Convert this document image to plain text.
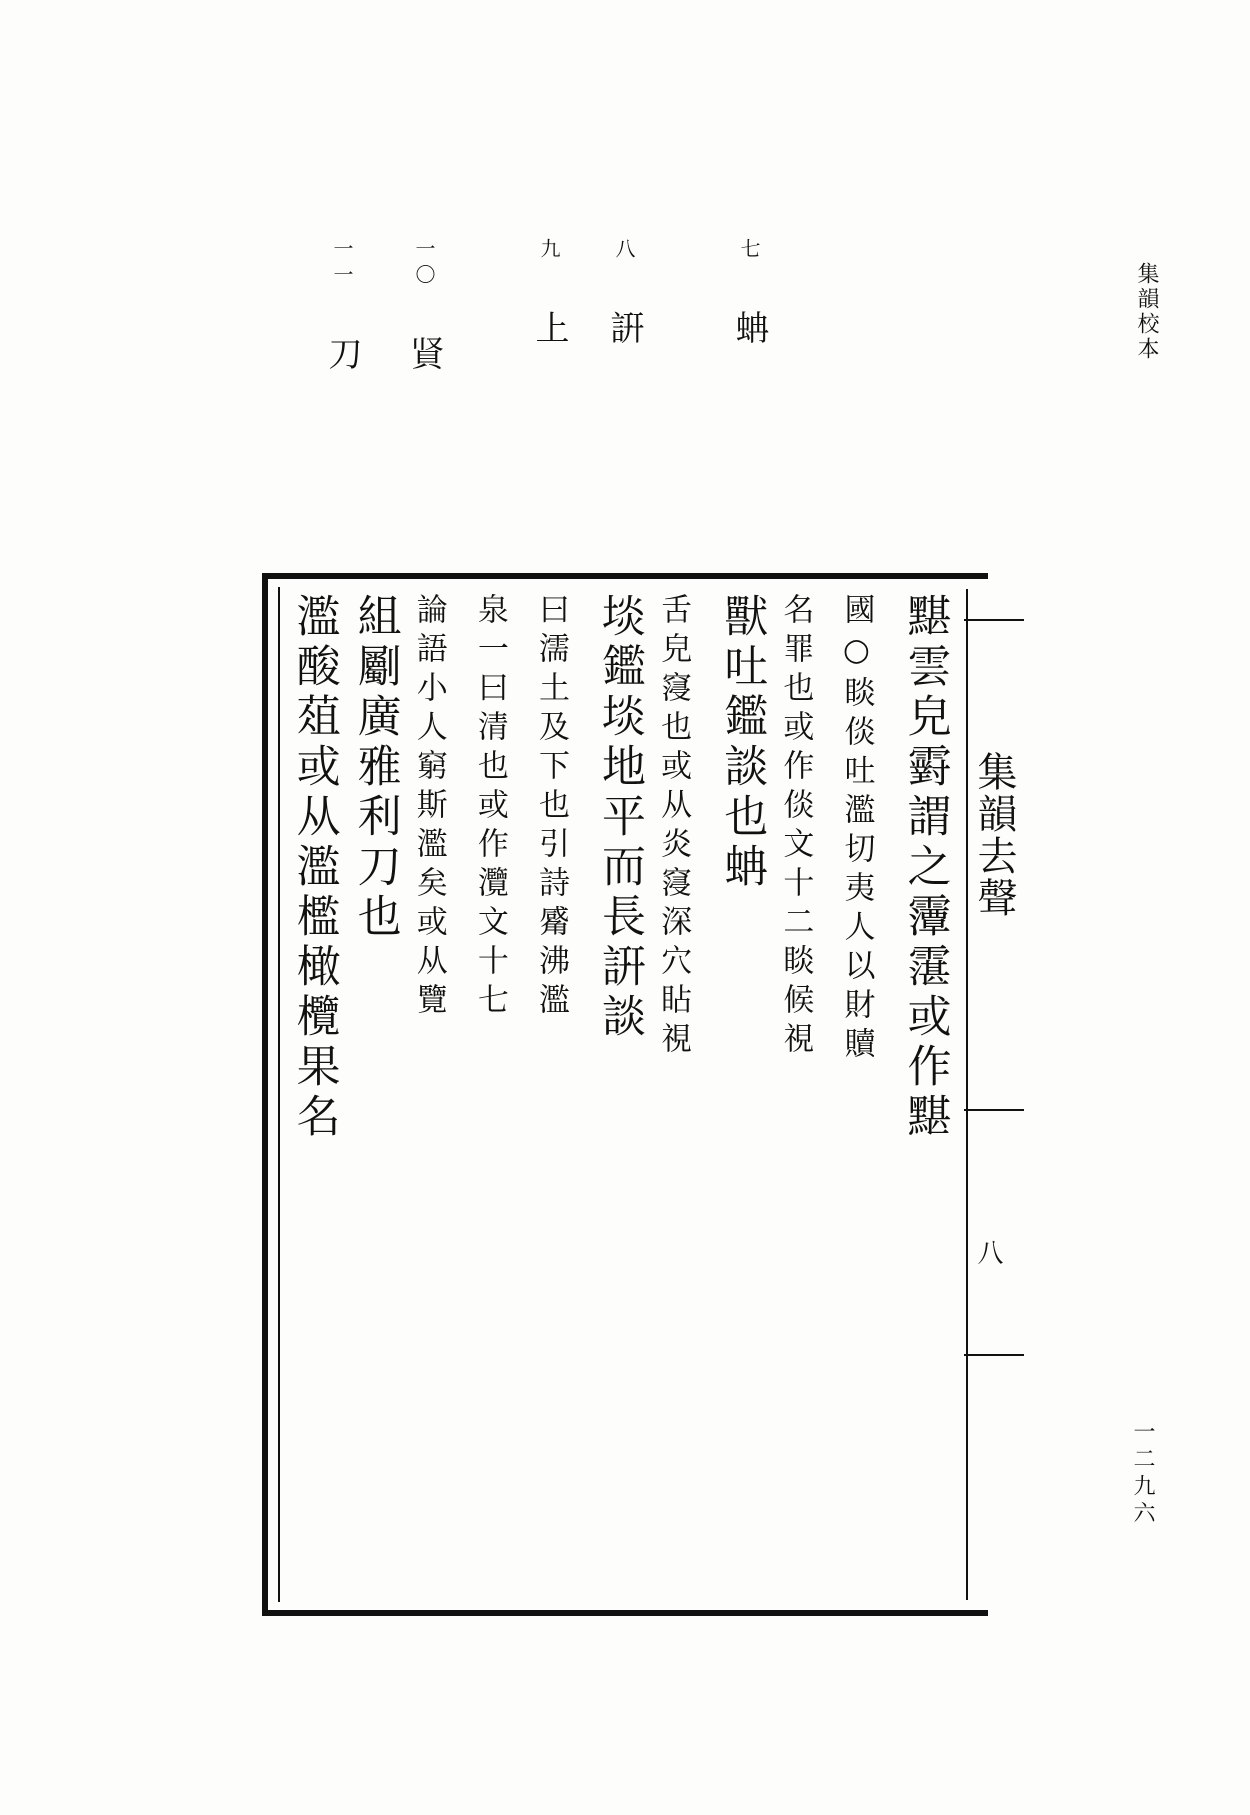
集韻校本
一二九六
七 蚺
八 詽
九 上
一〇 䝨
一一 刀
集韻去聲
八
黮雲皃䨴謂之䨵霮或作黮
國○睒倓吐濫切夷人以財贖
名罪也或作倓文十二睒候視
獸吐鑑談也蚺
舌皃䆮也或从炎䆮深穴䀡視
埮鑑埮地平而長詽談
曰濡土及下也引詩觱沸濫
泉一曰清也或作灠文十七
論語小人窮斯濫矣或从覽
組劚廣雅利刀也
濫酸葅或从濫檻橄欖果名
